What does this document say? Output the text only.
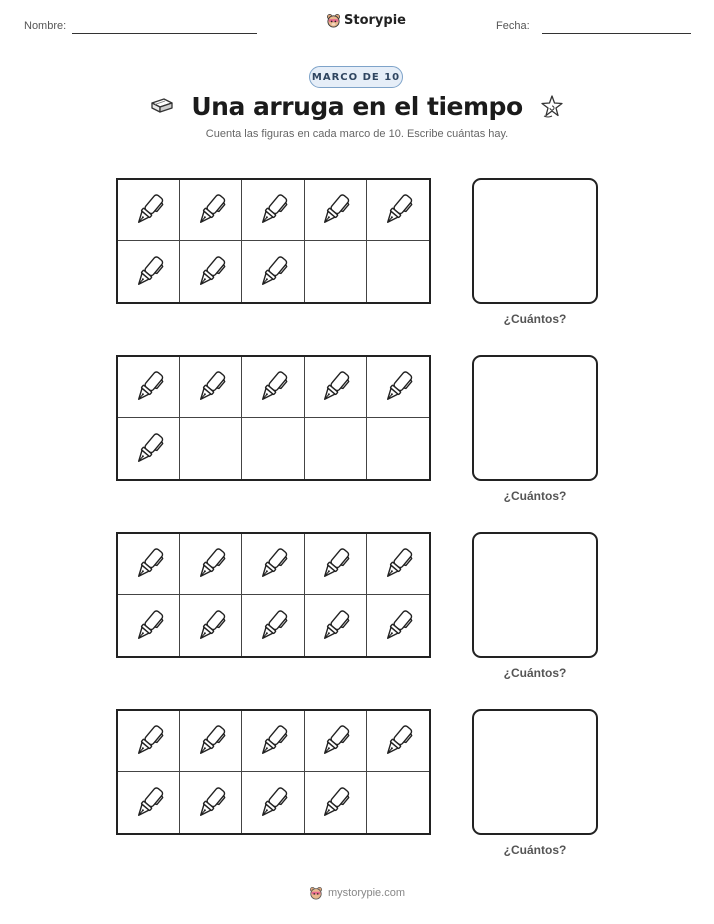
Nombre:	Storypie	Fecha:
MARCO DE 10
Una arruga en el tiempo
Cuenta las figuras en cada marco de 10. Escribe cuántas hay.
¿Cuántos?
¿Cuántos?
¿Cuántos?
¿Cuántos?
mystorypie.com
